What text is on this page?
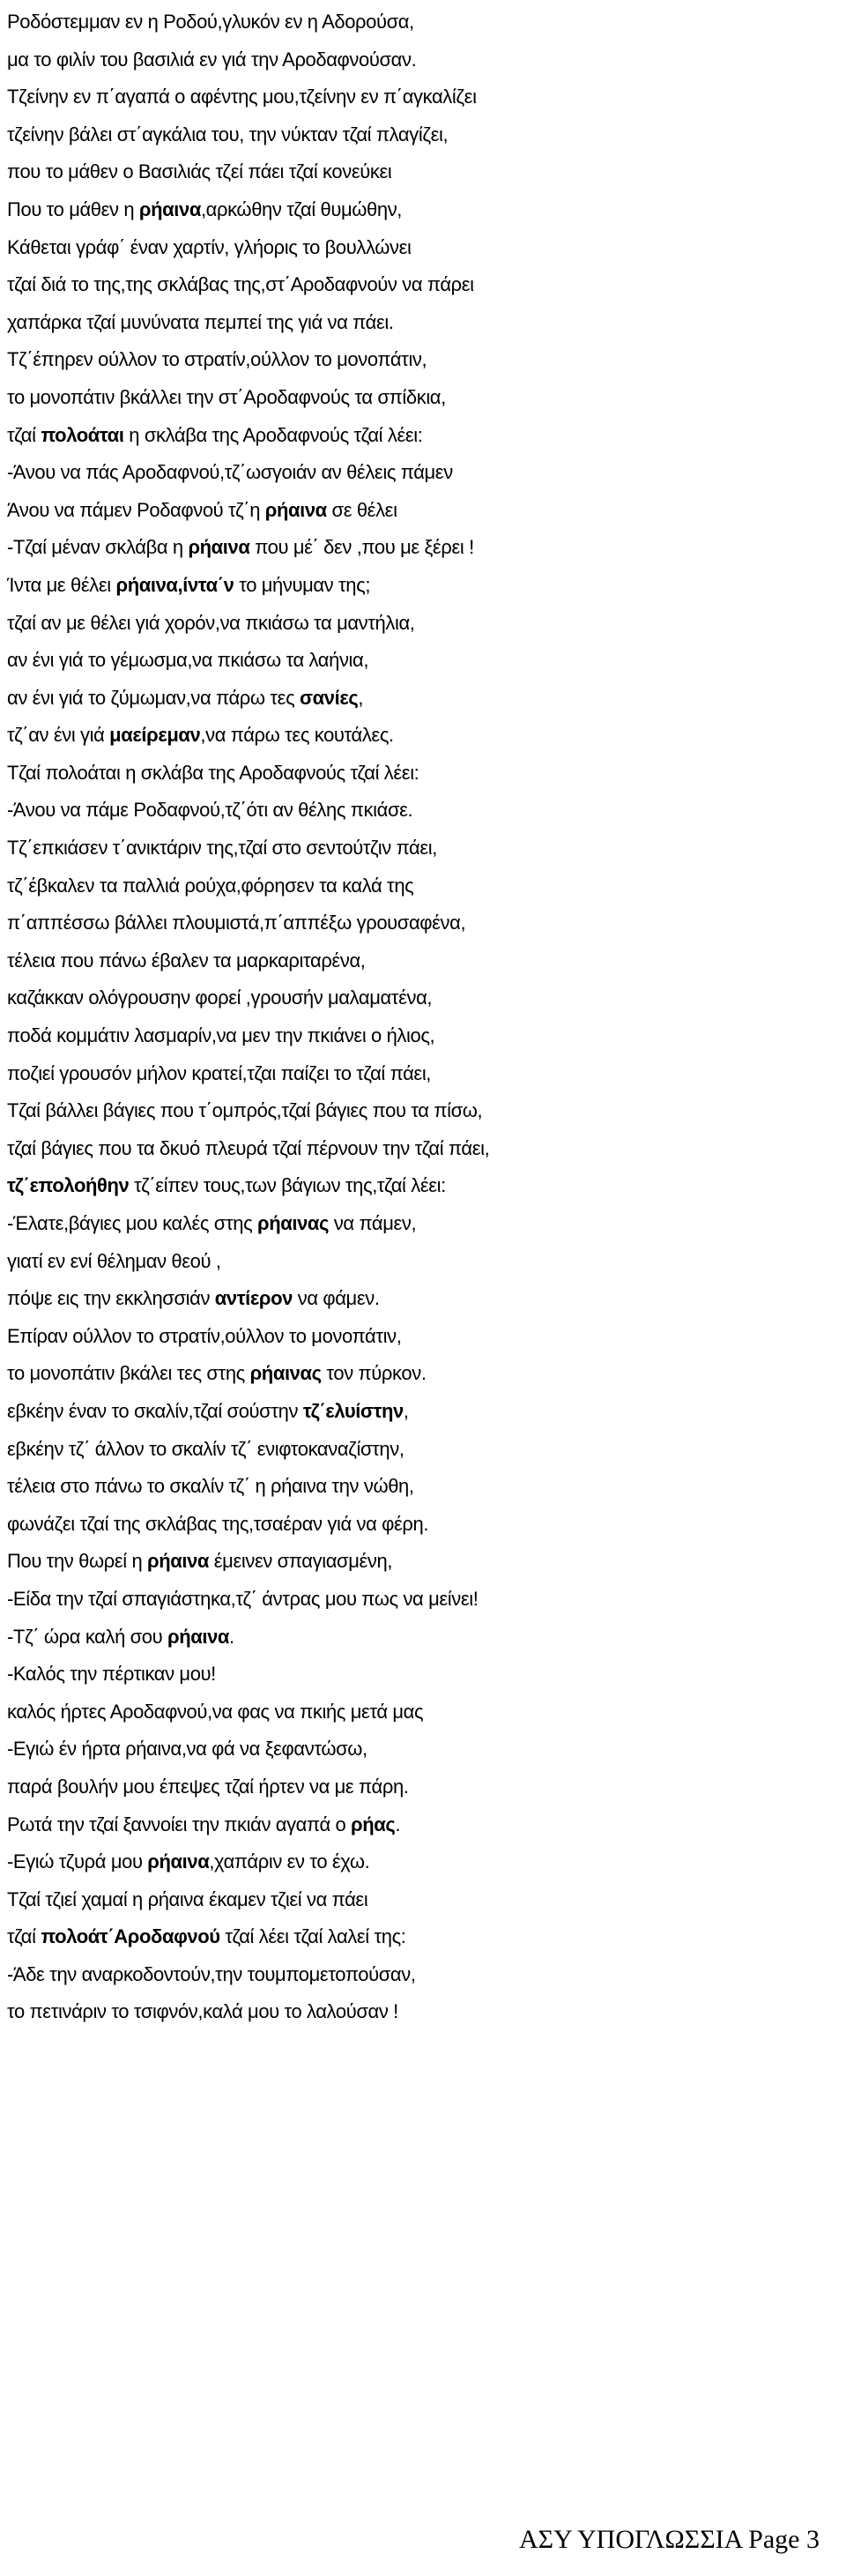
Ροδόστεμμαν εν η Ροδού,γλυκόν εν η Αδορούσα,
μα το φιλίν του βασιλιά εν γιά την Αροδαφνούσαν.
Τζείνην εν π΄αγαπά ο αφέντης μου,τζείνην εν π΄αγκαλίζει
τζείνην βάλει στ΄αγκάλια του, την νύκταν τζαί πλαγίζει,
που το μάθεν ο Βασιλιάς τζεί πάει τζαί κονεύκει
Που το μάθεν η ρήαινα,αρκώθην τζαί θυμώθην,
Κάθεται γράφ΄ έναν χαρτίν, γλήορις το βουλλώνει
τζαί διά το της,της σκλάβας της,στ΄Αροδαφνούν να πάρει
χαπάρκα τζαί μυνύνατα πεμπεί της γιά να πάει.
Τζ΄έπηρεν ούλλον το στρατίν,ούλλον το μονοπάτιν,
το μονοπάτιν βκάλλει την στ΄Αροδαφνούς τα σπίδκια,
τζαί πολοάται η σκλάβα της Αροδαφνούς τζαί λέει:
-Άνου να πάς Αροδαφνού,τζ΄ωσγοιάν αν θέλεις πάμεν
Άνου να πάμεν Ροδαφνού τζ΄η ρήαινα σε θέλει
-Τζαί μέναν σκλάβα η ρήαινα που μέ΄ δεν ,που με ξέρει !
Ίντα με θέλει ρήαινα,ίντα΄ν το μήνυμαν της;
τζαί αν με θέλει γιά χορόν,να πκιάσω τα μαντήλια,
αν ένι γιά το γέμωσμα,να πκιάσω τα λαήνια,
αν ένι γιά το ζύμωμαν,να πάρω τες σανίες,
τζ΄αν ένι γιά μαείρεμαν,να πάρω τες κουτάλες.
Τζαί πολοάται η σκλάβα της Αροδαφνούς τζαί λέει:
-Άνου να πάμε Ροδαφνού,τζ΄ότι αν θέλης πκιάσε.
Τζ΄επκιάσεν τ΄ανικτάριν της,τζαί στο σεντούτζιν πάει,
τζ΄έβκαλεν τα παλλιά ρούχα,φόρησεν τα καλά της
π΄αππέσσω βάλλει πλουμιστά,π΄αππέξω γρουσαφένα,
τέλεια που πάνω έβαλεν τα μαρκαριταρένα,
καζάκκαν ολόγρουσην φορεί ,γρουσήν μαλαματένα,
ποδά κομμάτιν λασμαρίν,να μεν την πκιάνει ο ήλιος,
ποζιεί γρουσόν μήλον κρατεί,τζαι παίζει το τζαί πάει,
Τζαί βάλλει βάγιες που τ΄ομπρός,τζαί βάγιες που τα πίσω,
τζαί βάγιες που τα δκυό πλευρά τζαί πέρνουν την τζαί πάει,
τζ΄επολοήθην τζ΄είπεν τους,των βάγιων της,τζαί λέει:
-Έλατε,βάγιες μου καλές στης ρήαινας να πάμεν,
γιατί εν ενί θέλημαν θεού ,
πόψε εις την εκκλησσιάν αντίερον να φάμεν.
Επίραν ούλλον το στρατίν,ούλλον το μονοπάτιν,
το μονοπάτιν βκάλει τες στης ρήαινας τον πύρκον.
εβκέην έναν το σκαλίν,τζαί σούστην τζ΄ελυίστην,
εβκέην τζ΄ άλλον το σκαλίν τζ΄ ενιφτοκαναζίστην,
τέλεια στο πάνω το σκαλίν τζ΄ η ρήαινα την νώθη,
φωνάζει τζαί της σκλάβας της,τσαέραν γιά να φέρη.
Που την θωρεί η ρήαινα έμεινεν σπαγιασμένη,
-Είδα την τζαί σπαγιάστηκα,τζ΄ άντρας μου πως να μείνει!
-Τζ΄ ώρα καλή σου ρήαινα.
-Καλός την πέρτικαν μου!
καλός ήρτες Αροδαφνού,να φας να πκιής μετά μας
-Εγιώ έν ήρτα ρήαινα,να φά να ξεφαντώσω,
παρά βουλήν μου έπεψες τζαί ήρτεν να με πάρη.
Ρωτά την τζαί ξαννοίει την πκιάν αγαπά ο ρήας.
-Εγιώ τζυρά μου ρήαινα,χαπάριν εν το έχω.
Τζαί τζιεί χαμαί η ρήαινα έκαμεν τζιεί να πάει
τζαί πολοάτ΄Αροδαφνού τζαί λέει τζαί λαλεί της:
-Άδε την αναρκοδοντούν,την τουμπομετοπούσαν,
το πετινάριν το τσιφνόν,καλά μου το λαλούσαν !
ΑΣΥ ΥΠΟΓΛΩΣΣΙΑ Page 3
